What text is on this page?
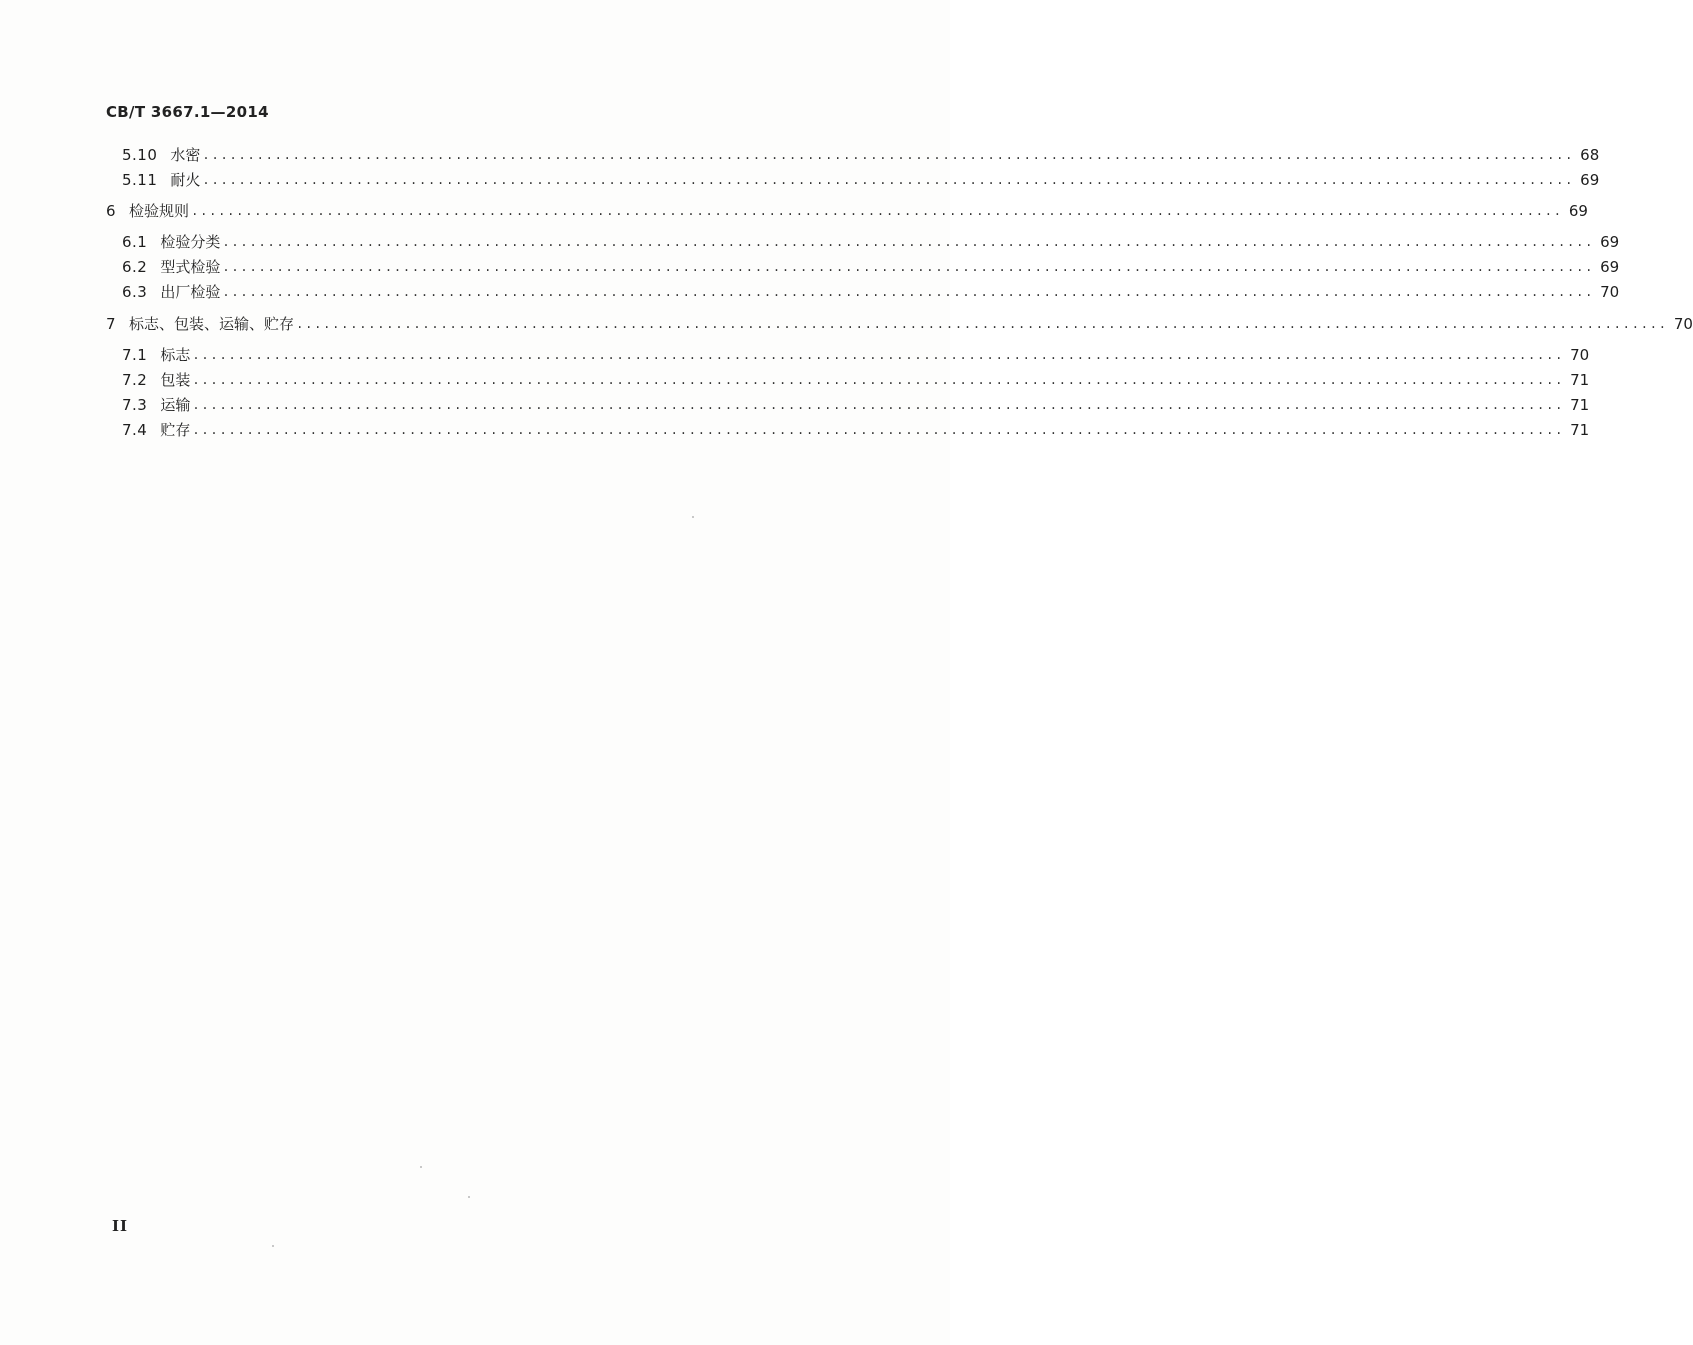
CB/T 3667.1—2014
5.10 水密 ........................................................................................................................................................ 68
5.11 耐火 ........................................................................................................................................................ 69
6 检验规则 ........................................................................................................................................................ 69
6.1 检验分类 ........................................................................................................................................................ 69
6.2 型式检验 ........................................................................................................................................................ 69
6.3 出厂检验 ........................................................................................................................................................ 70
7 标志、包装、运输、贮存 ........................................................................................................................................................ 70
7.1 标志 ........................................................................................................................................................ 70
7.2 包装 ........................................................................................................................................................ 71
7.3 运输 ........................................................................................................................................................ 71
7.4 贮存 ........................................................................................................................................................ 71
II
